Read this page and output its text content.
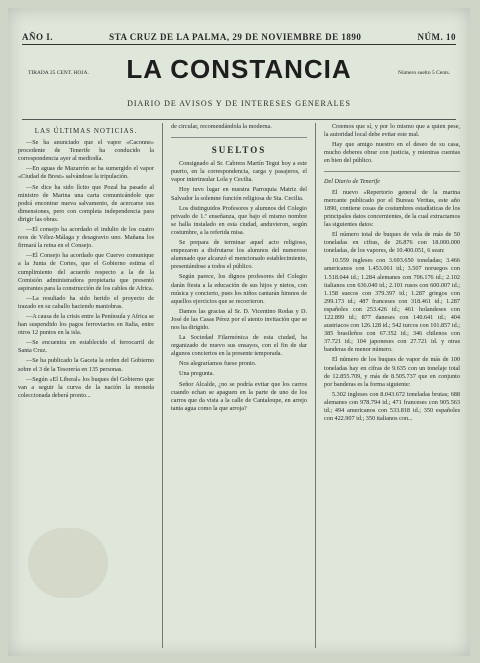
AÑO I.	STA CRUZ DE LA PALMA, 29 DE NOVIEMBRE DE 1890	NÚM. 10
TIRADA 25 CENT. HOJA.	LA CONSTANCIA	Número suelto 5 Cents.
DIARIO DE AVISOS Y DE INTERESES GENERALES
LAS ÚLTIMAS NOTICIAS.

—Se ha anunciado que el vapor «Caconne» procedente de Tenerife ha conducido la correspondencia ayer al mediodía.

—En aguas de Mazarrón se ha sumergido el vapor «Ciudad de Brest» salvándose la tripulación.

—Se dice ha sido lícito que Pozal ha pasado al ministro de Marina una carta comunicándole que podrá encontrar nueva salvamento, de acercarse sus dimensiones, pero con completa independencia para dirigir las obras.

—El consejo ha acordado el indulto de los cuatro reos de Vélez-Málaga y desagravio uno. Mañana los firmará la reina en el Consejo.

—El Consejo ha acordado que Cuervo comunique a la Junta de Cortes, que el Gobierno estima el cumplimiento del acuerdo respecto a la de la Comisión administradora propietaria que presentó aspirantes para la construcción de los cables de Africa.

—La resultado ha sido herido el proyecto de trazado en su caballo haciendo maniobras.

—A causa de la crisis entre la Península y Africa se han suspendido los pagos ferroviarios en Italia, entre otros 12 puntos en la isla.

—Se encuentra en establecido el ferrocarril de Santa Cruz.

—Se ha publicado la Gaceta la orden del Gobierno sobre el 3 de la Tesorería en 135 personas.

—Según «El Liberal» los buques del Gobierno que van a seguir la curva de la nación la moneda coleccionada deberá pronto...

de circular, recomendándola la moderna.

SUELTOS

Consignado al Sr. Cabrera Martín Tegui hoy a este puerto, en la correspondencia, carga y pasajeros, el vapor interinsular Lola y Cecilia.

Hoy tuvo lugar en nuestra Parroquia Matriz del Salvador la solemne función religiosa de Sta. Cecilia.

Los distinguidos Profesores y alumnos del Colegio privado de 1.ª enseñanza, que bajo el mismo nombre se halla instalado en esta ciudad, anduvieron, según costumbre, a la referida misa.

Se prepara de terminar aquel acto religioso, empezaron a disfrutarse los alumnos del numeroso alumnado que alcanzó el mencionado establecimiento, presentándose a todos el público.

Según parece, los dignos profesores del Colegio darán fiesta a la educación de sus hijos y nietos, con música y concierto, pues los niños cantarán himnos de aquellos ejercicios que se recorrieron.

Damos las gracias al Sr. D. Vicentino Rodas y D. José de las Casas Pérez por el atento invitación que se nos ha dirigido.

La Sociedad Filarmónica de esta ciudad, ha organizado de nuevo sus ensayos, con el fin de dar algunos conciertos en la presente temporada.

Nos alegraríamos fuese pronto.

Una pregunta.

Señor Alcalde, ¿no se podría evitar que los carros cuando echan se apaguen en la parte de uno de los carros que da vista a la calle de Cantaloupe, en arrejo tanta agua como la que arroja?

Creemos que sí, y por lo mismo que a quien pese, la autoridad local debe evitar este mal.

Hay que amigo nuestro en el deseo de su casa, mucho deberes obrar con justicia, y mientras cuentas en bien del público.

Del Diario de Tenerife

El nuevo «Repertorio general de la marina mercante publicado por el Bureau Veritas, este año 1890, contiene cosas de costumbres estadísticas de los principales datos concernientes, de la cual extractamos las siguientes datos:

El número total de buques de vela de más de 50 toneladas en cifras, de 26.876 con 18.000.000 toneladas, de los vapores, de 10.400.051, 6 sean:

10.559 ingleses con 3.693.650 toneladas; 3.466 americanos con 1.453.061 id.; 3.507 noruegos con 1.518.044 id.; 1.284 alemanes con 706.176 id.; 2.102 italianos con 636.040 id.; 2.101 rusos con 600.007 id.; 1.158 suecos con 379.397 id.; 1.287 griegos con 299.173 id.; 487 franceses con 318.461 id.; 1.287 españoles con 253.426 id.; 461 holandeses con 122.899 id.; 877 daneses con 140.641 id.; 404 austriacos con 126.128 id.; 542 turcos con 101.857 id.; 385 brasileños con 67.352 id.; 346 chilenos con 37.721 id.; 104 japoneses con 27.721 id. y otras banderas de menor número.

El número de los buques de vapor de más de 100 toneladas hay en cifras de 9.635 con un tonelaje total de 12.855.709, y más de 8.505.737 que en conjunto por banderas es la forma siguiente:

5.302 ingleses con 8.043.672 toneladas brutas; 688 alemanes con 978.794 id.; 471 franceses con 905.563 id.; 494 americanos con 533.818 id.; 350 españoles con 422.907 id.; 350 italianos con...
